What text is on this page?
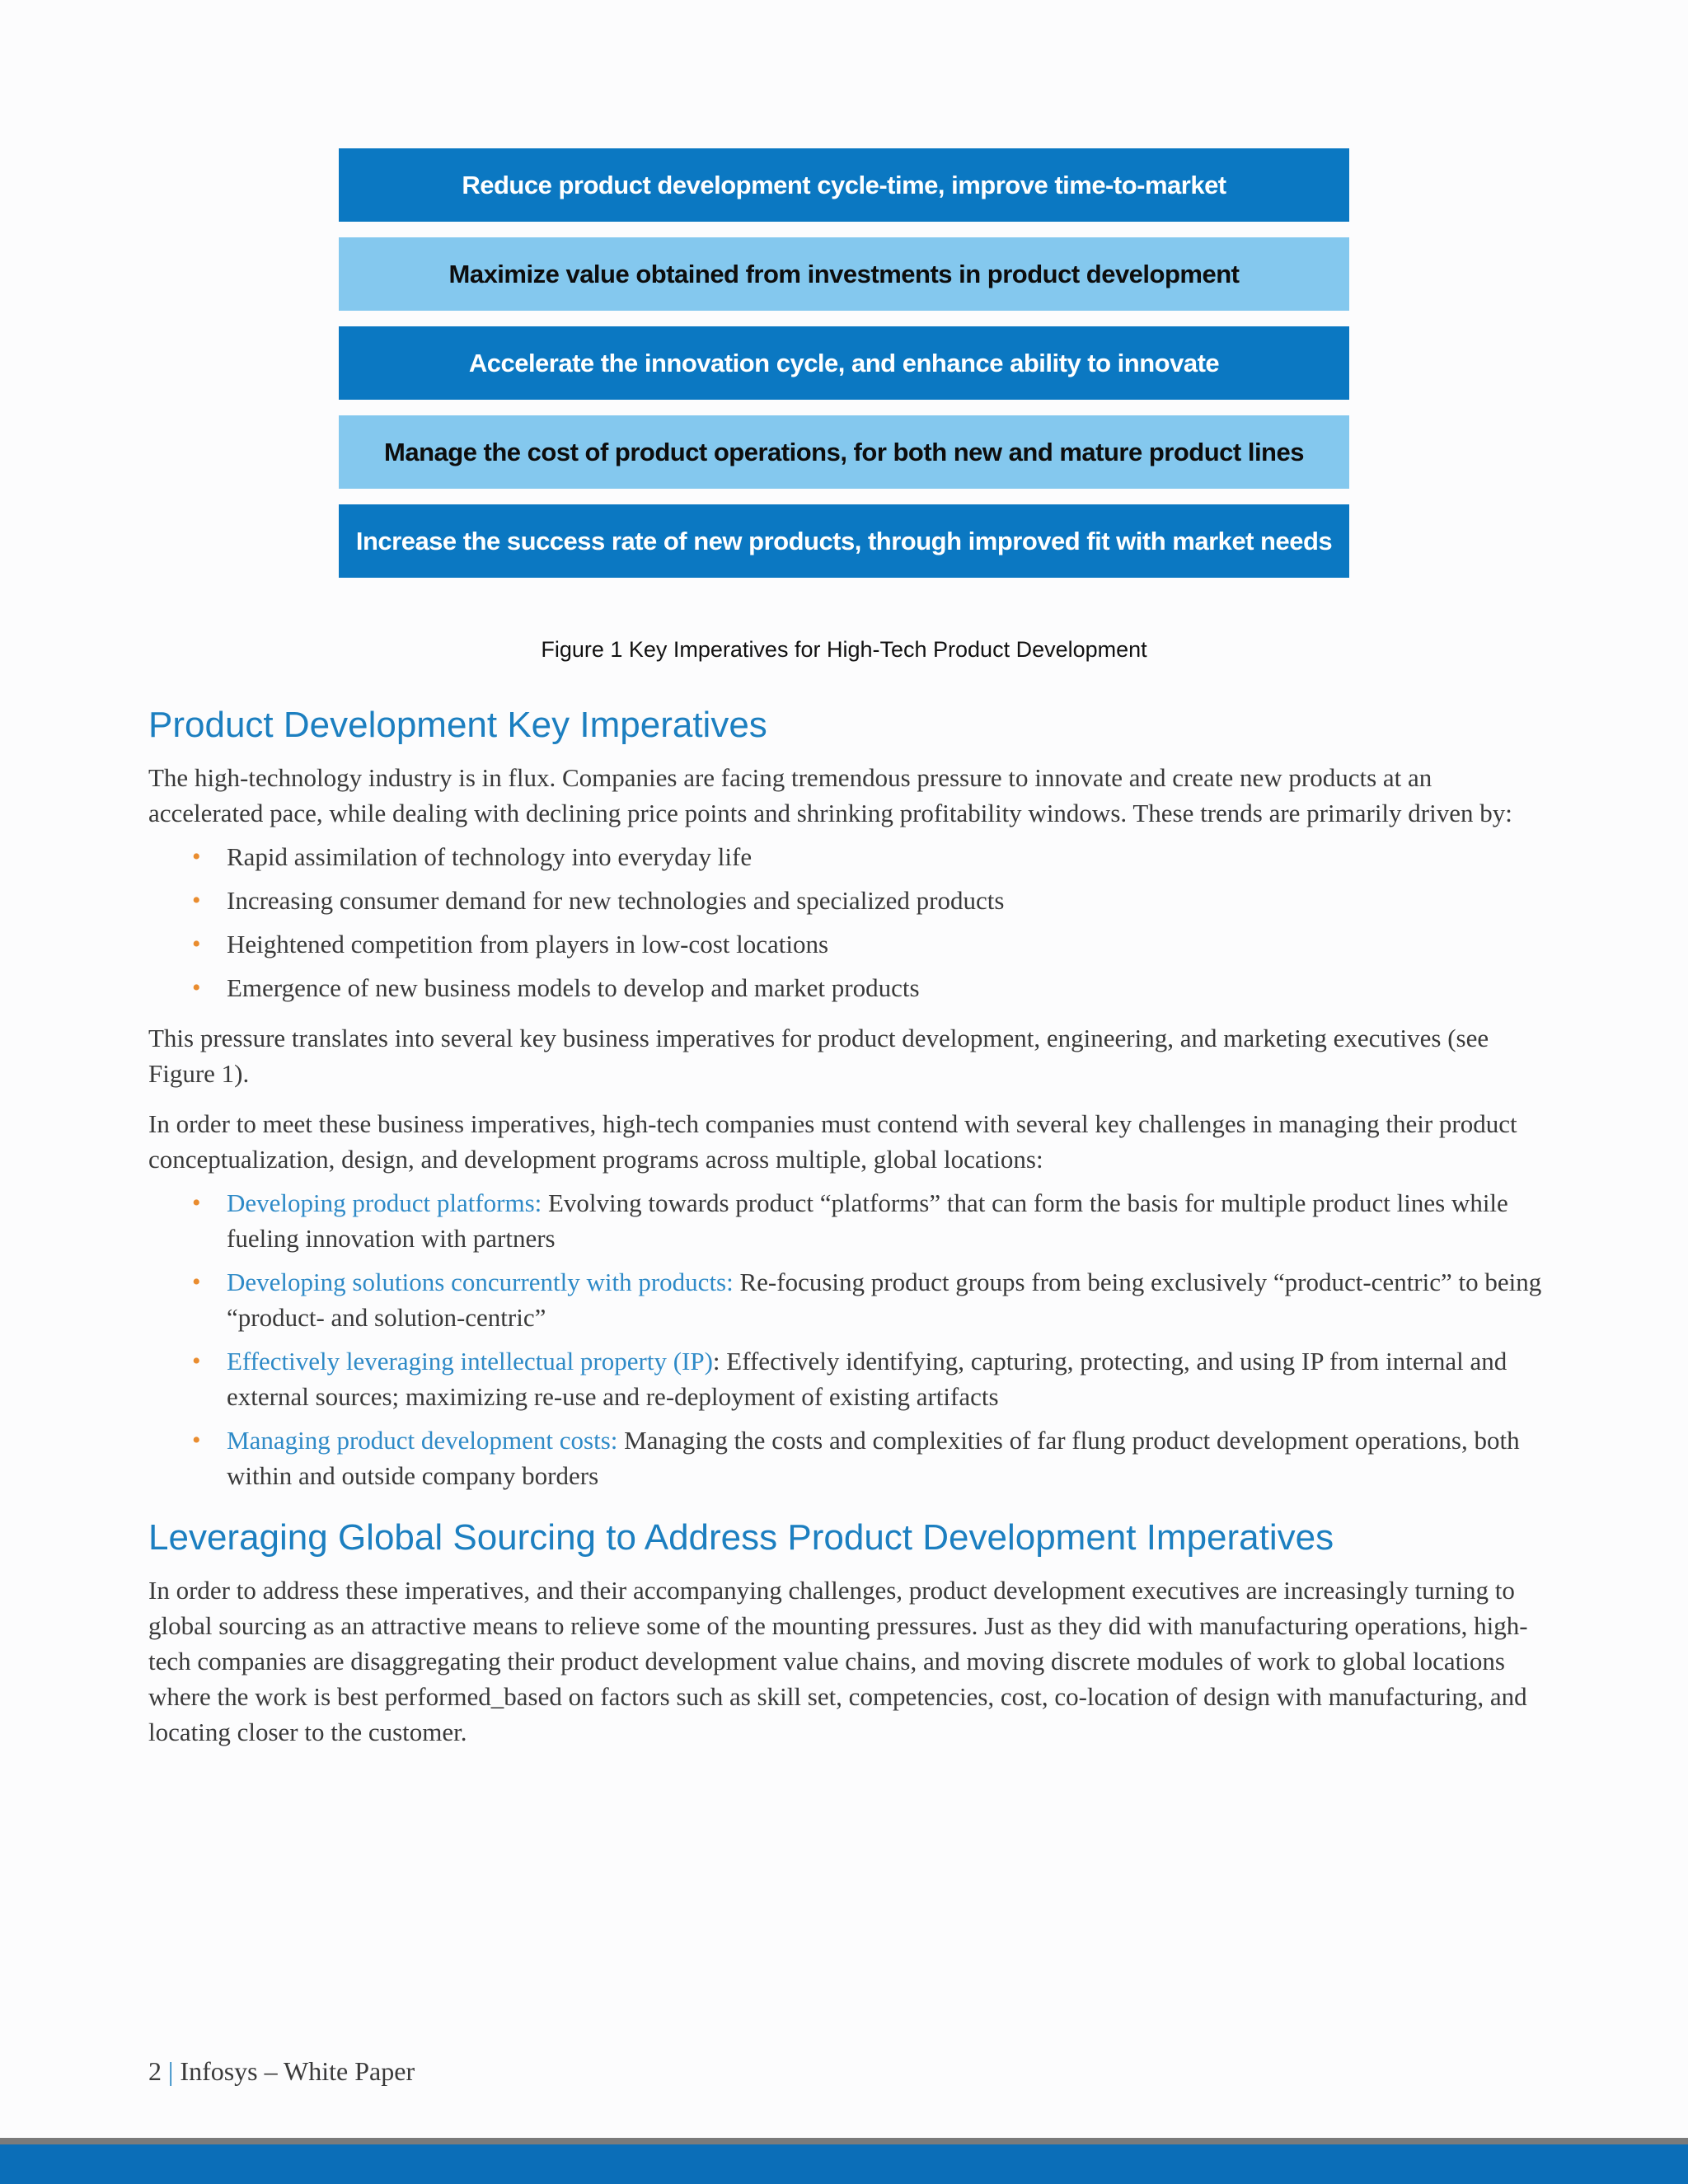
Reduce product development cycle-time, improve time-to-market
Maximize value obtained from investments in product development
Accelerate the innovation cycle, and enhance ability to innovate
Manage the cost of product operations, for both new and mature product lines
Increase the success rate of new products, through improved fit with market needs
Figure 1 Key Imperatives for High-Tech Product Development
Product Development Key Imperatives

The high-technology industry is in flux. Companies are facing tremendous pressure to innovate and create new products at an accelerated pace, while dealing with declining price points and shrinking profitability windows. These trends are primarily driven by:

• Rapid assimilation of technology into everyday life
• Increasing consumer demand for new technologies and specialized products
• Heightened competition from players in low-cost locations
• Emergence of new business models to develop and market products

This pressure translates into several key business imperatives for product development, engineering, and marketing executives (see Figure 1).

In order to meet these business imperatives, high-tech companies must contend with several key challenges in managing their product conceptualization, design, and development programs across multiple, global locations:

• Developing product platforms: Evolving towards product “platforms” that can form the basis for multiple product lines while fueling innovation with partners
• Developing solutions concurrently with products: Re-focusing product groups from being exclusively “product-centric” to being “product- and solution-centric”
• Effectively leveraging intellectual property (IP): Effectively identifying, capturing, protecting, and using IP from internal and external sources; maximizing re-use and re-deployment of existing artifacts
• Managing product development costs: Managing the costs and complexities of far flung product development operations, both within and outside company borders
Leveraging Global Sourcing to Address Product Development Imperatives

In order to address these imperatives, and their accompanying challenges, product development executives are increasingly turning to global sourcing as an attractive means to relieve some of the mounting pressures. Just as they did with manufacturing operations, high-tech companies are disaggregating their product development value chains, and moving discrete modules of work to global locations where the work is best performed_based on factors such as skill set, competencies, cost, co-location of design with manufacturing, and locating closer to the customer.

2 | Infosys – White Paper
